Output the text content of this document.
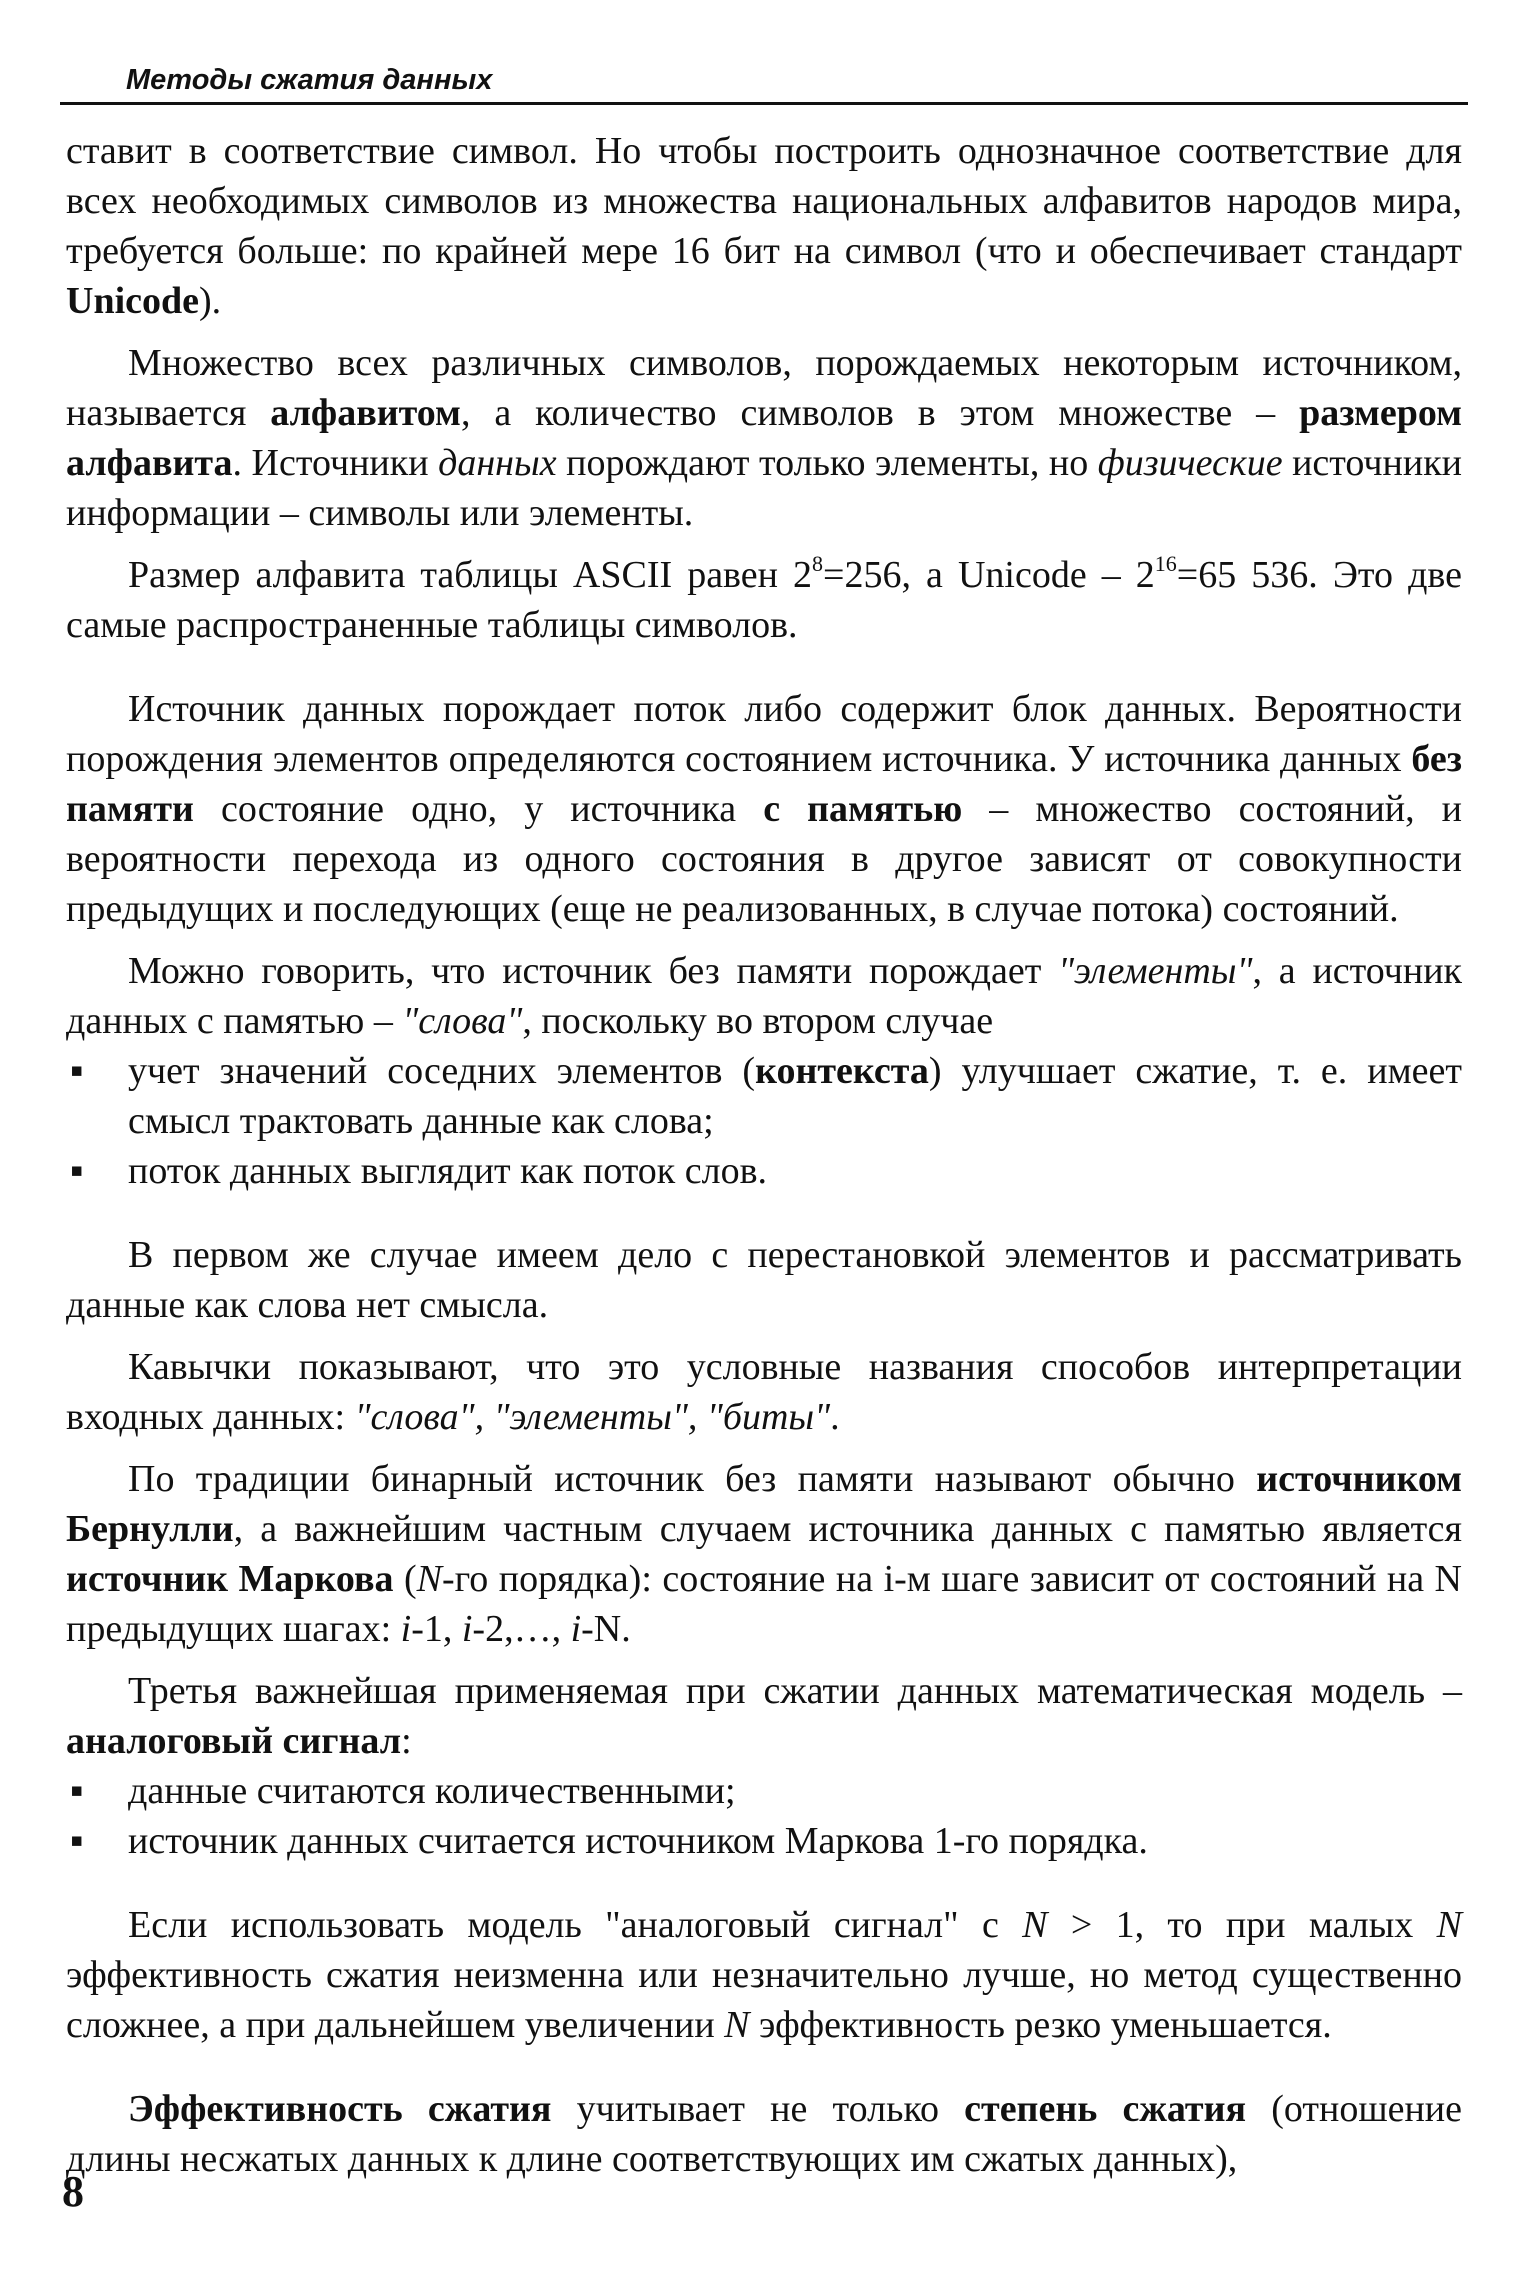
Методы сжатия данных

ставит в соответствие символ. Но чтобы построить однозначное соответствие для всех необходимых символов из множества национальных алфавитов народов мира, требуется больше: по крайней мере 16 бит на символ (что и обеспечивает стандарт Unicode).

Множество всех различных символов, порождаемых некоторым источником, называется алфавитом, а количество символов в этом множестве – размером алфавита. Источники данных порождают только элементы, но физические источники информации – символы или элементы.

Размер алфавита таблицы ASCII равен $2^8=256$, а Unicode – $2^{16}=65$ 536. Это две самые распространенные таблицы символов.

Источник данных порождает поток либо содержит блок данных. Вероятности порождения элементов определяются состоянием источника. У источника данных без памяти состояние одно, у источника с памятью – множество состояний, и вероятности перехода из одного состояния в другое зависят от совокупности предыдущих и последующих (еще не реализованных, в случае потока) состояний.

Можно говорить, что источник без памяти порождает "элементы", а источник данных с памятью – "слова", поскольку во втором случае

▪ учет значений соседних элементов (контекста) улучшает сжатие, т. е. имеет смысл трактовать данные как слова;

▪ поток данных выглядит как поток слов.

В первом же случае имеем дело с перестановкой элементов и рассматривать данные как слова нет смысла.

Кавычки показывают, что это условные названия способов интерпретации входных данных: "слова", "элементы", "биты".

По традиции бинарный источник без памяти называют обычно источником Бернулли, а важнейшим частным случаем источника данных с памятью является источник Маркова (N-го порядка): состояние на i-м шаге зависит от состояний на N предыдущих шагах: i-1, i-2,…, i-N.

Третья важнейшая применяемая при сжатии данных математическая модель – аналоговый сигнал:

▪ данные считаются количественными;

▪ источник данных считается источником Маркова 1-го порядка.

Если использовать модель "аналоговый сигнал" с N > 1, то при малых N эффективность сжатия неизменна или незначительно лучше, но метод существенно сложнее, а при дальнейшем увеличении N эффективность резко уменьшается.

Эффективность сжатия учитывает не только степень сжатия (отношение длины несжатых данных к длине соответствующих им сжатых данных),

8
